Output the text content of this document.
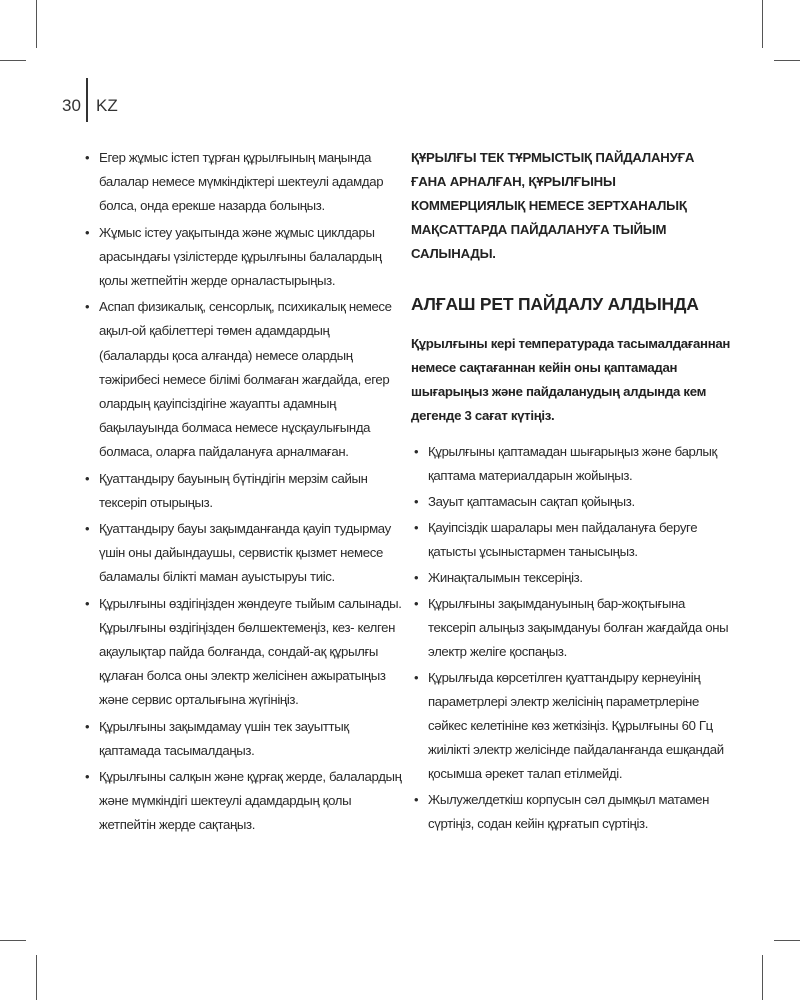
30 KZ
• Егер жұмыс істеп тұрған құрылғының маңында балалар немесе мүмкіндіктері шектеулі адамдар болса, онда ерекше назарда болыңыз.
• Жұмыс істеу уақытында және жұмыс циклдары арасындағы үзілістерде құрылғыны балалардың қолы жетпейтін жерде орналастырыңыз.
• Аспап физикалық, сенсорлық, психикалық немесе ақыл-ой қабілеттері төмен адамдардың (балаларды қоса алғанда) немесе олардың тәжірибесі немесе білімі болмаған жағдайда, егер олардың қауіпсіздігіне жауапты адамның бақылауында болмаса немесе нұсқаулығында болмаса, оларға пайдалануға арналмаған.
• Қуаттандыру бауының бүтіндігін мерзім сайын тексеріп отырыңыз.
• Қуаттандыру бауы зақымданғанда қауіп тудырмау үшін оны дайындаушы, сервистік қызмет немесе баламалы білікті маман ауыстыруы тиіс.
• Құрылғыны өздігіңізден жөндеуге тыйым салынады. Құрылғыны өздігіңізден бөлшектемеңіз, кез- келген ақаулықтар пайда болғанда, сондай-ақ құрылғы құлаған болса оны электр желісінен ажыратыңыз және сервис орталығына жүгініңіз.
• Құрылғыны зақымдамау үшін тек зауыттық қаптамада тасымалдаңыз.
• Құрылғыны салқын және құрғақ жерде, балалардың және мүмкіндігі шектеулі адамдардың қолы жетпейтін жерде сақтаңыз.

ҚҰРЫЛҒЫ ТЕК ТҰРМЫСТЫҚ ПАЙДАЛАНУҒА ҒАНА АРНАЛҒАН, ҚҰРЫЛҒЫНЫ КОММЕРЦИЯЛЫҚ НЕМЕСЕ ЗЕРТХАНАЛЫҚ МАҚСАТТАРДА ПАЙДАЛАНУҒА ТЫЙЫМ САЛЫНАДЫ.

АЛҒАШ РЕТ ПАЙДАЛУ АЛДЫНДА

Құрылғыны кері температурада тасымалдағаннан немесе сақтағаннан кейін оны қаптамадан шығарыңыз және пайдаланудың алдында кем дегенде 3 сағат күтіңіз.

• Құрылғыны қаптамадан шығарыңыз және барлық қаптама материалдарын жойыңыз.
• Зауыт қаптамасын сақтап қойыңыз.
• Қауіпсіздік шаралары мен пайдалануға беруге қатысты ұсыныстармен танысыңыз.
• Жинақталымын тексеріңіз.
• Құрылғыны зақымдануының бар-жоқтығына тексеріп алыңыз зақымдануы болған жағдайда оны электр желіге қоспаңыз.
• Құрылғыда көрсетілген қуаттандыру кернеуінің параметрлері электр желісінің параметрлеріне сәйкес келетініне көз жеткізіңіз. Құрылғыны 60 Гц жиілікті электр желісінде пайдаланғанда ешқандай қосымша әрекет талап етілмейді.
• Жылужелдеткіш корпусын сәл дымқыл матамен сүртіңіз, содан кейін құрғатып сүртіңіз.
